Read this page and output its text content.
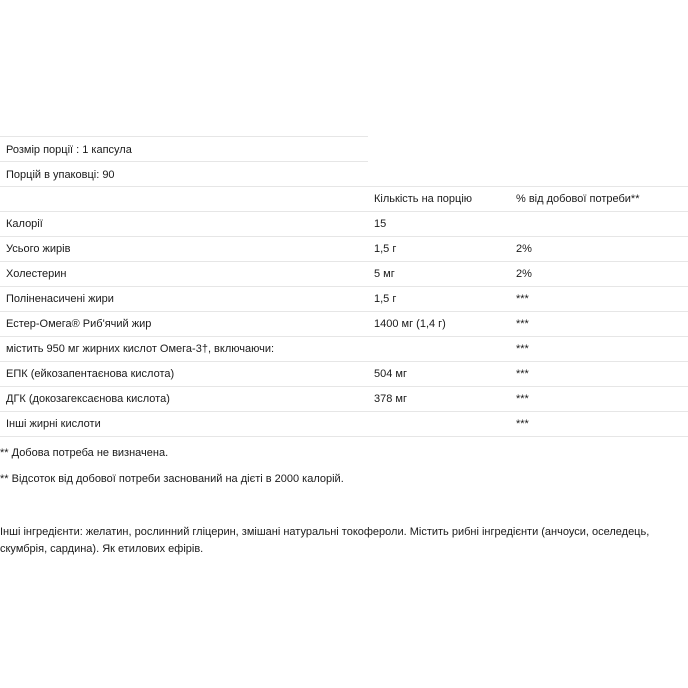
Розмір порції : 1 капсула
Порцій в упаковці: 90
	Кількість на порцію	% від добової потреби**
Калорії	15	
Усього жирів	1,5 г	2%
Холестерин	5 мг	2%
Поліненасичені жири	1,5 г	***
Естер-Омега® Риб'ячий жир	1400 мг (1,4 г)	***
містить 950 мг жирних кислот Омега-3†, включаючи:		***
ЕПК (ейкозапентаєнова кислота)	504 мг	***
ДГК (докозагексаєнова кислота)	378 мг	***
Інші жирні кислоти		***
** Добова потреба не визначена.
** Відсоток від добової потреби заснований на дієті в 2000 калорій.
Інші інгредієнти: желатин, рослинний гліцерин, змішані натуральні токофероли. Містить рибні інгредієнти (анчоуси, оселедець, скумбрія, сардина). Як етилових ефірів.
